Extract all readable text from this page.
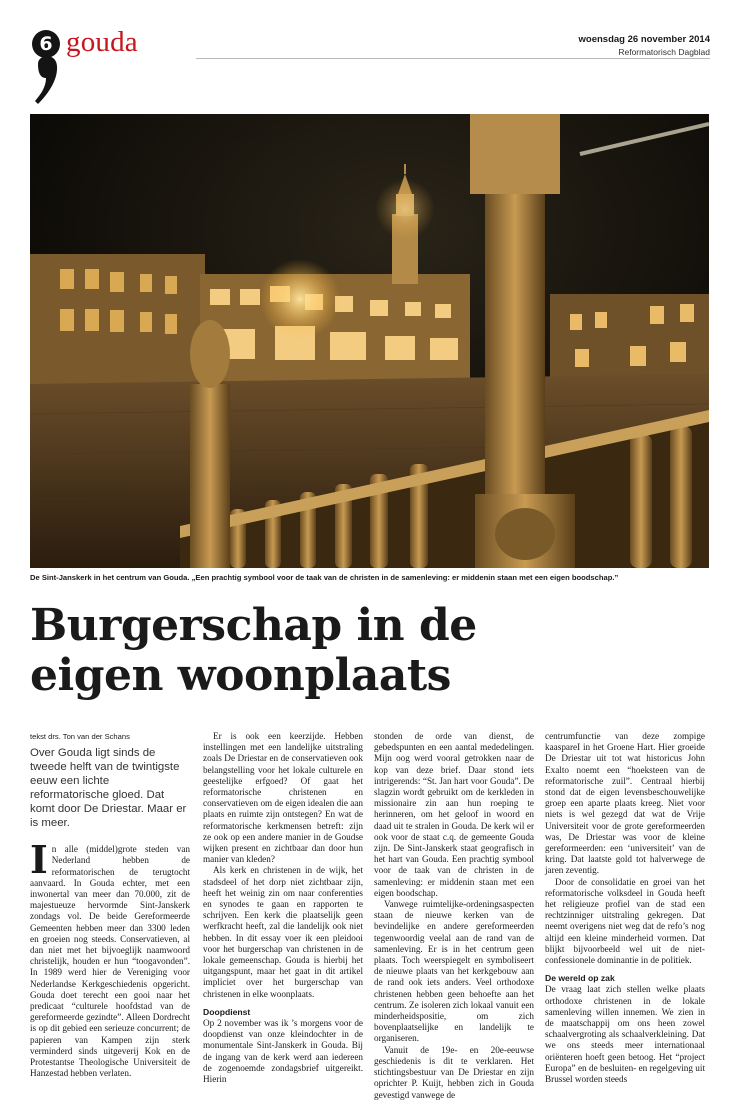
6 gouda	woensdag 26 november 2014
Reformatorisch Dagblad
De Sint-Janskerk in het centrum van Gouda. „Een prachtig symbool voor de taak van de christen in de samenleving: er middenin staan met een eigen boodschap.”
Burgerschap in de
eigen woonplaats

tekst drs. Ton van der Schans

Over Gouda ligt sinds de tweede helft van de twintigste eeuw een lichte reformatorische gloed. Dat komt door De Driestar. Maar er is meer.

In alle (middel)grote steden van Nederland hebben de reformatorischen de terugtocht aanvaard. In Gouda echter, met een inwonertal van meer dan 70.000, zit de majestueuze hervormde Sint-Janskerk zondags vol. De beide Gereformeerde Gemeenten hebben meer dan 3300 leden en groeien nog steeds. Conservatieven, al dan niet met het bijvoeglijk naamwoord christelijk, houden er hun “toogavonden”. In 1989 werd hier de Vereniging voor Nederlandse Kerkgeschiedenis opgericht. Gouda doet terecht een gooi naar het predicaat “culturele hoofdstad van de gereformeerde gezindte”. Alleen Dordrecht is op dit gebied een serieuze concurrent; de papieren van Kampen zijn sterk verminderd sinds uitgeverij Kok en de Protestantse Theologische Universiteit de Hanzestad hebben verlaten.

Er is ook een keerzijde. Hebben instellingen met een landelijke uitstraling zoals De Driestar en de conservatieven ook belangstelling voor het lokale culturele en geestelijke erfgoed? Of gaat het reformatorische christenen en conservatieven om de eigen idealen die aan plaats en ruimte zijn ontstegen? En wat de reformatorische kerkmensen betreft: zijn ze ook op een andere manier in de Goudse wijken present en zichtbaar dan door hun manier van kleden?

Als kerk en christenen in de wijk, het stadsdeel of het dorp niet zichtbaar zijn, heeft het weinig zin om naar conferenties en synodes te gaan en rapporten te schrijven. Een kerk die plaatselijk geen werfkracht heeft, zal die landelijk ook niet hebben. In dit essay voer ik een pleidooi voor het burgerschap van christenen in de lokale gemeenschap. Gouda is hierbij het uitgangspunt, maar het gaat in dit artikel impliciet over het burgerschap van christenen in elke woonplaats.

Doopdienst

Op 2 november was ik ’s morgens voor de doopdienst van onze kleindochter in de monumentale Sint-Janskerk in Gouda. Bij de ingang van de kerk werd aan iedereen de zogenoemde zondagsbrief uitgereikt. Hierin

stonden de orde van dienst, de gebedspunten en een aantal mededelingen. Mijn oog werd vooral getrokken naar de kop van deze brief. Daar stond iets intrigerends: “St. Jan hart voor Gouda”. De slagzin wordt gebruikt om de kerkleden in missionaire zin aan hun roeping te herinneren, om het geloof in woord en daad uit te stralen in Gouda. De kerk wil er ook voor de staat c.q. de gemeente Gouda zijn. De Sint-Janskerk staat geografisch in het hart van Gouda. Een prachtig symbool voor de taak van de christen in de samenleving: er middenin staan met een eigen boodschap.

Vanwege ruimtelijke-ordeningsaspecten staan de nieuwe kerken van de bevindelijke en andere gereformeerden tegenwoordig veelal aan de rand van de samenleving. Er is in het centrum geen plaats. Toch weerspiegelt en symboliseert de nieuwe plaats van het kerkgebouw aan de rand ook iets anders. Veel orthodoxe christenen hebben geen behoefte aan het centrum. Ze isoleren zich lokaal vanuit een minderheidspositie, om zich bovenplaatselijke en landelijk te organiseren.

Vanuit de 19e- en 20e-eeuwse geschiedenis is dit te verklaren. Het stichtingsbestuur van De Driestar en zijn oprichter P. Kuijt, hebben zich in Gouda gevestigd vanwege de

centrumfunctie van deze zompige kaaspareI in het Groene Hart. Hier groeide De Driestar uit tot wat historicus John Exalto noemt een “hoeksteen van de reformatorische zuil”. Centraal hierbij stond dat de eigen levensbeschouwelijke groep een aparte plaats kreeg. Niet voor niets is wel gezegd dat wat de Vrije Universiteit voor de grote gereformeerden was, De Driestar was voor de kleine gereformeerden: een ‘universiteit’ van de kring. Dat laatste gold tot halverwege de jaren zeventig.

Door de consolidatie en groei van het reformatorische volksdeel in Gouda heeft het religieuze profiel van de stad een rechtzinniger uitstraling gekregen. Dat neemt overigens niet weg dat de refo’s nog altijd een kleine minderheid vormen. Dat blijkt bijvoorbeeld wel uit de niet-confessionele dominantie in de politiek.

De wereld op zak

De vraag laat zich stellen welke plaats orthodoxe christenen in de lokale samenleving willen innemen. We zien in de maatschappij om ons heen zowel schaalvergroting als schaalverkleining. Dat we ons steeds meer internationaal oriënteren hoeft geen betoog. Het “project Europa” en de besluiten- en regelgeving uit Brussel worden steeds
